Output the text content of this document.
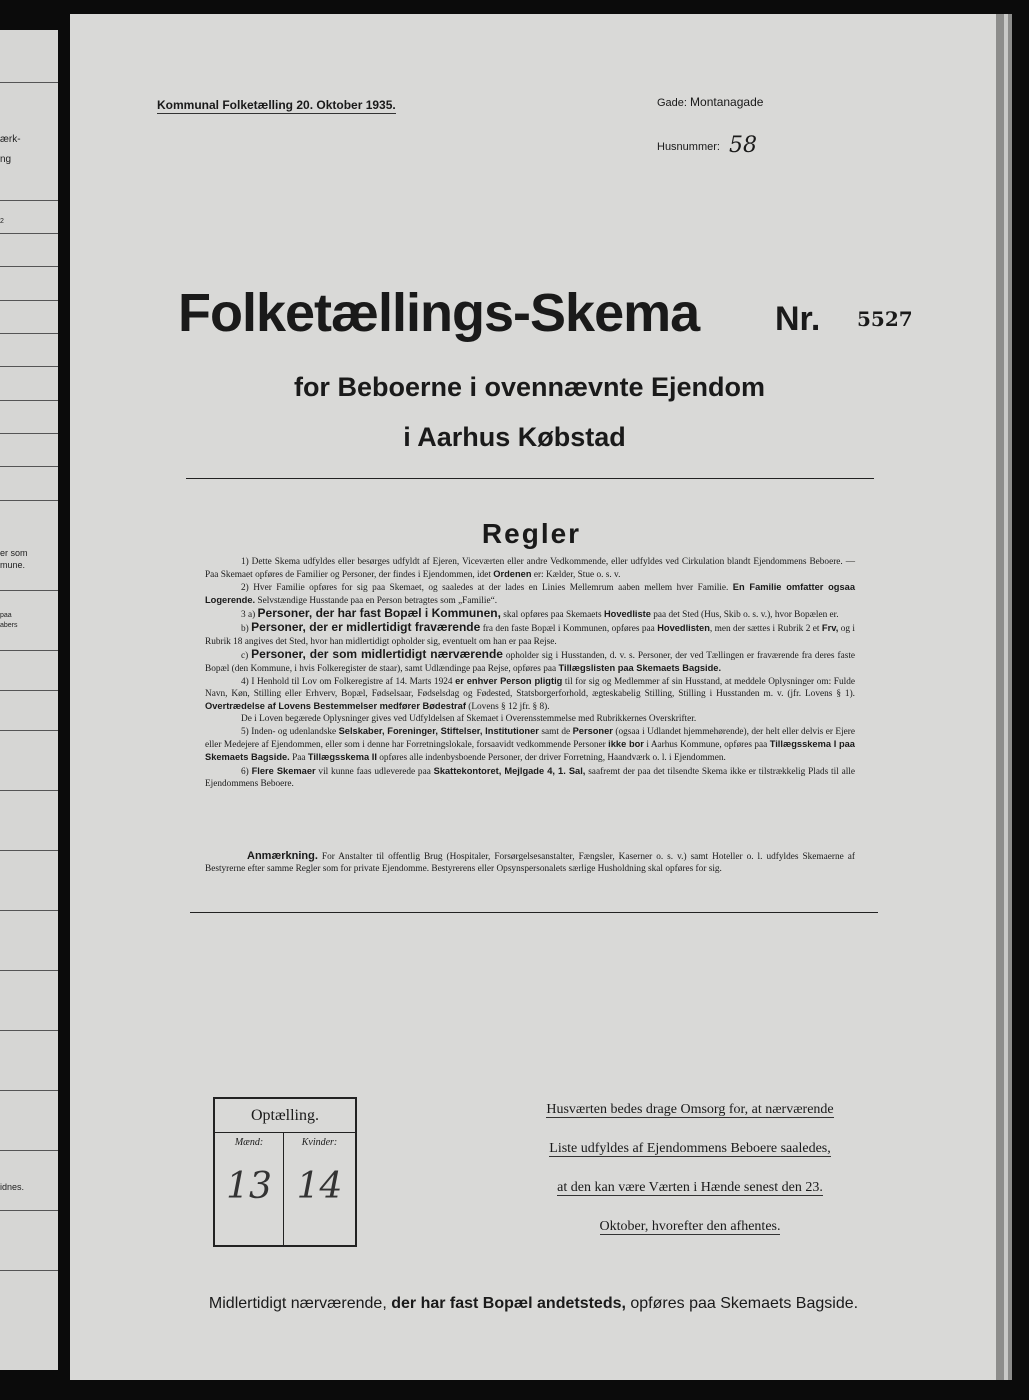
ærk-
ng
2
er som
mune.
paa
abers
idnes.
Kommunal Folketælling 20. Oktober 1935.	Gade: Montanagade
Husnummer: 58
Folketællings-Skema Nr. 5527
for Beboerne i ovennævnte Ejendom
i Aarhus Købstad
Regler

1) Dette Skema udfyldes eller besørges udfyldt af Ejeren, Viceværten eller andre Vedkommende, eller udfyldes ved Cirkulation blandt Ejendommens Beboere. — Paa Skemaet opføres de Familier og Personer, der findes i Ejendommen, idet Ordenen er: Kælder, Stue o. s. v.

2) Hver Familie opføres for sig paa Skemaet, og saaledes at der lades en Linies Mellemrum aaben mellem hver Familie. En Familie omfatter ogsaa Logerende. Selvstændige Husstande paa en Person betragtes som „Familie“.

3 a) Personer, der har fast Bopæl i Kommunen, skal opføres paa Skemaets Hovedliste paa det Sted (Hus, Skib o. s. v.), hvor Bopælen er.

b) Personer, der er midlertidigt fraværende fra den faste Bopæl i Kommunen, opføres paa Hovedlisten, men der sættes i Rubrik 2 et Frv, og i Rubrik 18 angives det Sted, hvor han midlertidigt opholder sig, eventuelt om han er paa Rejse.

c) Personer, der som midlertidigt nærværende opholder sig i Husstanden, d. v. s. Personer, der ved Tællingen er fraværende fra deres faste Bopæl (den Kommune, i hvis Folkeregister de staar), samt Udlændinge paa Rejse, opføres paa Tillægslisten paa Skemaets Bagside.

4) I Henhold til Lov om Folkeregistre af 14. Marts 1924 er enhver Person pligtig til for sig og Medlemmer af sin Husstand, at meddele Oplysninger om: Fulde Navn, Køn, Stilling eller Erhverv, Bopæl, Fødselsaar, Fødselsdag og Fødested, Statsborgerforhold, ægteskabelig Stilling, Stilling i Husstanden m. v. (jfr. Lovens § 1). Overtrædelse af Lovens Bestemmelser medfører Bødestraf (Lovens § 12 jfr. § 8).

De i Loven begærede Oplysninger gives ved Udfyldelsen af Skemaet i Overensstemmelse med Rubrikkernes Overskrifter.

5) Inden- og udenlandske Selskaber, Foreninger, Stiftelser, Institutioner samt de Personer (ogsaa i Udlandet hjemmehørende), der helt eller delvis er Ejere eller Medejere af Ejendommen, eller som i denne har Forretningslokale, forsaavidt vedkommende Personer ikke bor i Aarhus Kommune, opføres paa Tillægsskema I paa Skemaets Bagside. Paa Tillægsskema II opføres alle indenbysboende Personer, der driver Forretning, Haandværk o. l. i Ejendommen.

6) Flere Skemaer vil kunne faas udleverede paa Skattekontoret, Mejlgade 4, 1. Sal, saafremt der paa det tilsendte Skema ikke er tilstrækkelig Plads til alle Ejendommens Beboere.

Anmærkning. For Anstalter til offentlig Brug (Hospitaler, Forsørgelsesanstalter, Fængsler, Kaserner o. s. v.) samt Hoteller o. l. udfyldes Skemaerne af Bestyrerne efter samme Regler som for private Ejendomme. Bestyrerens eller Opsynspersonalets særlige Husholdning skal opføres for sig.

Optælling.
Mænd:
13
Kvinder:
14
Husværten bedes drage Omsorg for, at nærværende
Liste udfyldes af Ejendommens Beboere saaledes,
at den kan være Værten i Hænde senest den 23.
Oktober, hvorefter den afhentes.
Midlertidigt nærværende, der har fast Bopæl andetsteds, opføres paa Skemaets Bagside.
